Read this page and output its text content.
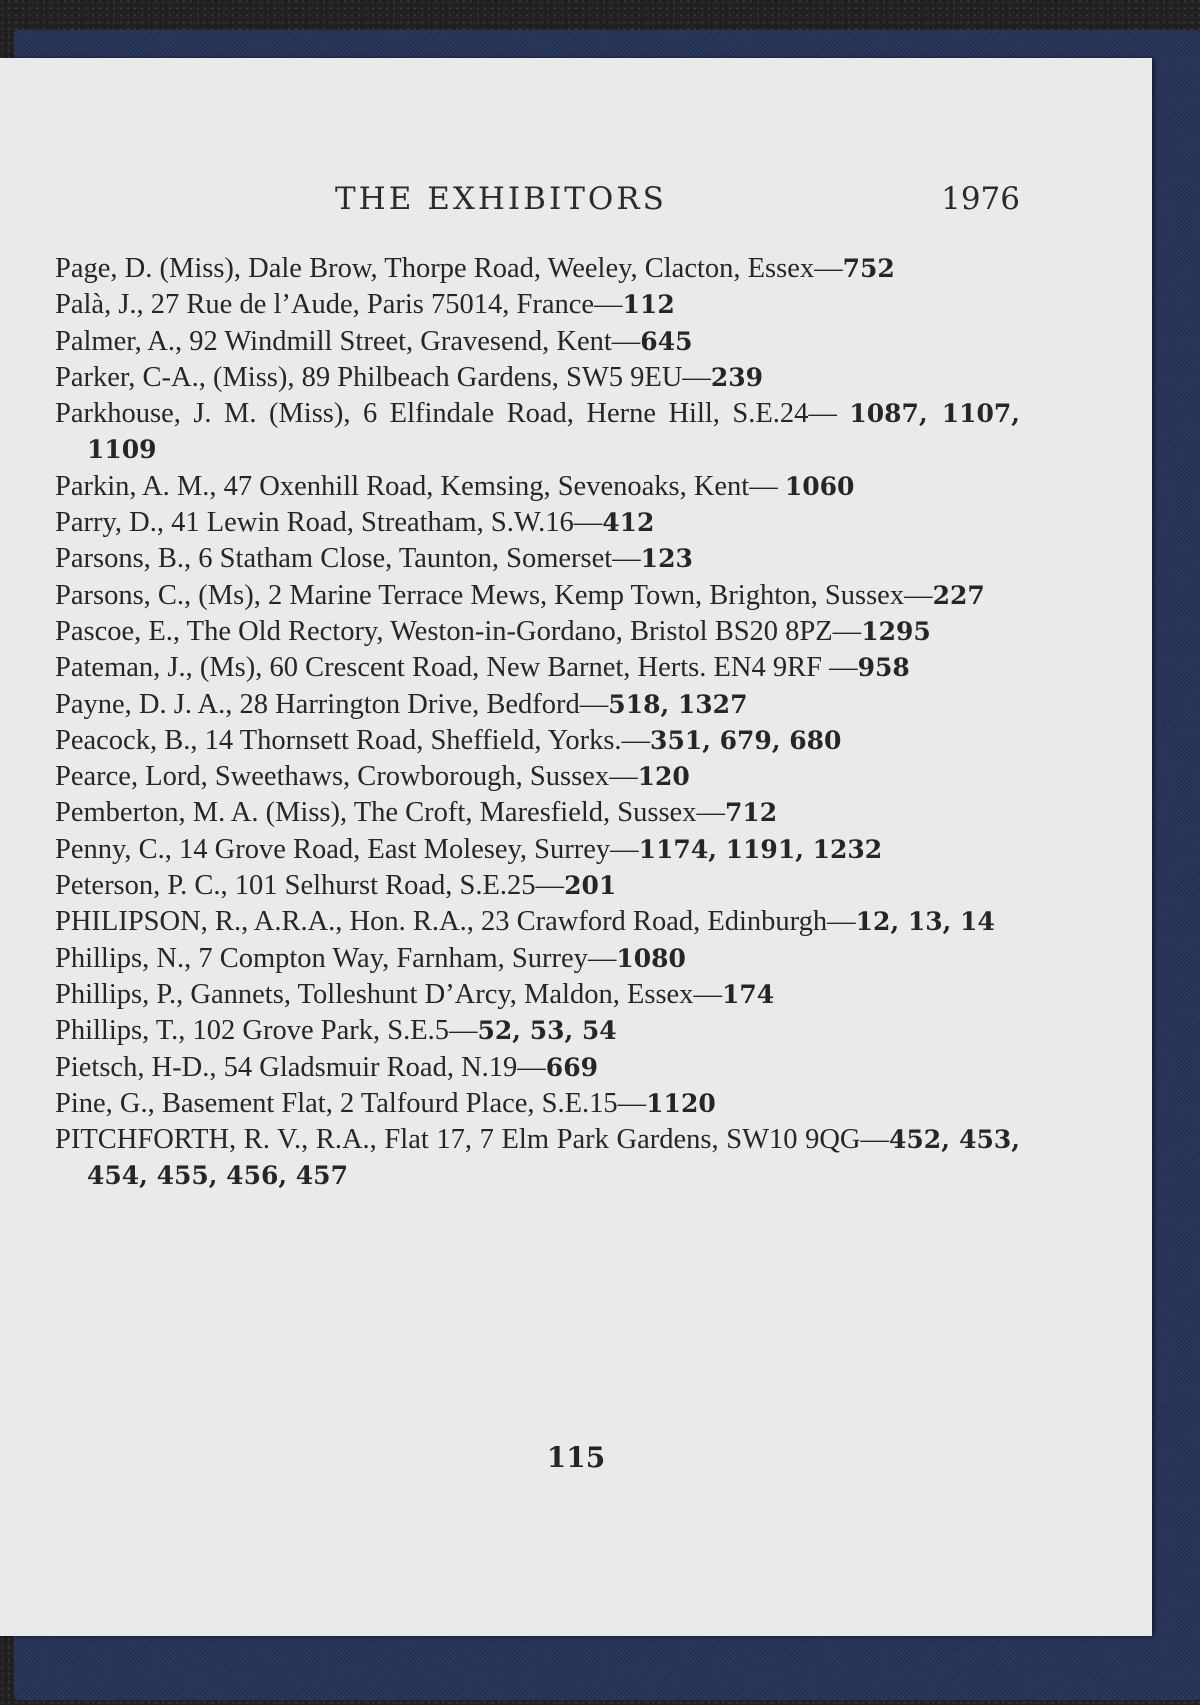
THE EXHIBITORS	1976
Page, D. (Miss), Dale Brow, Thorpe Road, Weeley, Clacton, Essex—752
Palà, J., 27 Rue de l’Aude, Paris 75014, France—112
Palmer, A., 92 Windmill Street, Gravesend, Kent—645
Parker, C-A., (Miss), 89 Philbeach Gardens, SW5 9EU—239
Parkhouse, J. M. (Miss), 6 Elfindale Road, Herne Hill, S.E.24— 1087, 1107, 1109
Parkin, A. M., 47 Oxenhill Road, Kemsing, Sevenoaks, Kent— 1060
Parry, D., 41 Lewin Road, Streatham, S.W.16—412
Parsons, B., 6 Statham Close, Taunton, Somerset—123
Parsons, C., (Ms), 2 Marine Terrace Mews, Kemp Town, Brighton, Sussex—227
Pascoe, E., The Old Rectory, Weston-in-Gordano, Bristol BS20 8PZ—1295
Pateman, J., (Ms), 60 Crescent Road, New Barnet, Herts. EN4 9RF —958
Payne, D. J. A., 28 Harrington Drive, Bedford—518, 1327
Peacock, B., 14 Thornsett Road, Sheffield, Yorks.—351, 679, 680
Pearce, Lord, Sweethaws, Crowborough, Sussex—120
Pemberton, M. A. (Miss), The Croft, Maresfield, Sussex—712
Penny, C., 14 Grove Road, East Molesey, Surrey—1174, 1191, 1232
Peterson, P. C., 101 Selhurst Road, S.E.25—201
PHILIPSON, R., A.R.A., Hon. R.A., 23 Crawford Road, Edinburgh—12, 13, 14
Phillips, N., 7 Compton Way, Farnham, Surrey—1080
Phillips, P., Gannets, Tolleshunt D’Arcy, Maldon, Essex—174
Phillips, T., 102 Grove Park, S.E.5—52, 53, 54
Pietsch, H-D., 54 Gladsmuir Road, N.19—669
Pine, G., Basement Flat, 2 Talfourd Place, S.E.15—1120
PITCHFORTH, R. V., R.A., Flat 17, 7 Elm Park Gardens, SW10 9QG—452, 453, 454, 455, 456, 457
115
